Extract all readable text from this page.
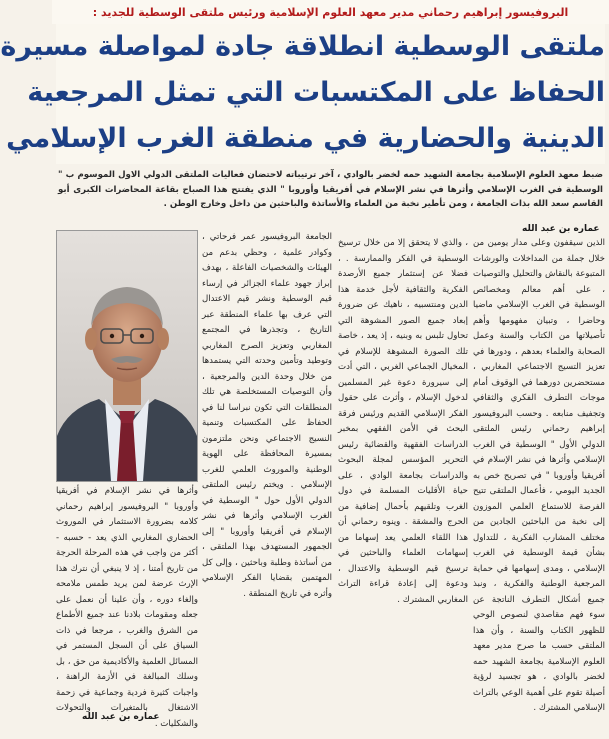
البروفيسور إبراهيم رحماني مدير معهد العلوم الإسلامية ورئيس ملتقى الوسطية للجديد :
ملتقى الوسطية انطلاقة جادة لمواصلة مسيرة
الحفاظ على المكتسبات التي تمثل المرجعية
الدينية والحضارية في منطقة الغرب الإسلامي

ضبط معهد العلوم الإسلامية بجامعة الشهيد حمه لخضر بالوادي ، آخر ترتيباته لاحتضان فعاليات الملتقى الدولي الاول الموسوم ب " الوسطية في الغرب الإسلامي وأثرها في نشر الإسلام في أفريقيا وأوروبا " الذي يفتتح هذا الصباح بقاعة المحاضرات الكبرى أبو القاسم سعد الله بذات الجامعة ، ومن تأطير نخبة من العلماء والأساتذة والباحثين من داخل وخارج الوطن .

عماره بن عبد الله

الذين سيقفون وعلى مدار يومين من خلال جملة من المداخلات والورشات المتبوعة بالنقاش والتحليل والتوصيات ، على أهم معالم ومخصائص الوسطية في الغرب الإسلامي ماضيا وحاضرا ، وتبيان مفهومها وأهم تأصيلاتها من الكتاب والسنة وعمل الصحابة والعلماء بعدهم ، ودورها في تعزيز التسيج الاجتماعي المغاربي ، مستحضرين دورهما في الوقوف أمام موجات التطرف الفكري والثقافي وتجفيف منابعه . وحسب البروفيسور إبراهيم رحماني رئيس الملتقى الدولي الأول " الوسطية في الغرب الإسلامي وأثرها في نشر الإسلام في أفريقيا وأوروبا " في تصريح خص به الجديد اليومي ، فأعمال الملتقى تتيح الفرصة للاستماع العلمي الموزون إلى نخبة من الباحثين الجادين من مختلف المشارب الفكرية ، للتداول بشأن قيمة الوسطية في الغرب الإسلامي ، ومدى إسهامها في حماية المرجعية الوطنية والفكرية ، ونبذ جميع أشكال التطرف الناتجة عن سوء فهم مقاصدي لنصوص الوحي للظهور الكتاب والسنة ، وأن هذا الملتقى حسب ما صرح مدير معهد العلوم الإسلامية بجامعة الشهيد حمه لخضر بالوادي ، هو تجسيد لرؤية أصيلة تقوم على أهمية الوعي بالتراث الإسلامي المشترك .

، والذي لا يتحقق إلا من خلال ترسيخ الوسطية في الفكر والممارسة . ، فضلا عن إستثمار جميع الأرصدة الفكرية والثقافية لأجل خدمة هذا الدين ومنتسبيه ، ناهيك عن ضرورة إبعاد جميع الصور المشوهة التي تحاول تلبس به وبنيه ، إذ يعد ، خاصة تلك الصورة المشوهة للإسلام في المخيال الجماعي الغربي ، التي أدت إلى سيرورة دعوة غير المسلمين لدخول الإسلام ، وأثرت على حقول الفكر الإسلامي القديم ورئيس فرقة البحث في الأمن الفقهي بمخبر الدراسات الفقهية والقضائية رئيس التحرير المؤسس لمجلة البحوث والدراسات بجامعة الوادي ، على حياة الأقليات المسلمة في دول الغرب وتلقيهم بأحمال إضافية من الحرج والمشقة . وينوه رحماني أن هذا اللقاء العلمي يعد إسهاما من إسهامات العلماء والباحثين في ترسيخ قيم الوسطية والاعتدال ، ودعوة إلى إعادة قراءة التراث المغاربي المشترك .

الجامعة البروفيسور عمر فرحاتي ، وكوادر علمية ، وحظي بدعم من الهيئات والشخصيات الفاعلة ، بهدف إبراز جهود علماء الجزائر في إرساء قيم الوسطية ونشر قيم الاعتدال التي عرف بها علماء المنطقة عبر التاريخ ، وتجذرها في المجتمع المغاربي وتعزيز الصرح المغاربي وتوطيد وتأمين وحدته التي يستمدها من خلال وحدة الدين والمرجعية ، وأن التوصيات المستخلصة هي تلك المنطلقات التي تكون نبراسا لنا في الحفاظ على المكتسبات وتنمية النسيج الاجتماعي ونحن ملتزمون بمسيرة المحافظة على الهوية الوطنية والموروث العلمي للغرب الإسلامي . ويختم رئيس الملتقى الدولي الأول حول " الوسطية في الغرب الإسلامي وأثرها في نشر الإسلام في أفريقيا وأوروبا " إلى الجمهور المستهدف بهذا الملتقى ، من أساتذة وطلبة وباحثين ، وإلى كل المهتمين بقضايا الفكر الإسلامي وأثره في تاريخ المنطقة .

وأثرها في نشر الإسلام في أفريقيا وأوروبا " البروفيسور إبراهيم رحماني كلامه بضرورة الاستثمار في الموروث الحضاري المغاربي الذي يعد - حسبه - أكثر من واجب في هذه المرحلة الحرجة من تاريخ أمتنا ، إذ لا ينبغي أن نترك هذا الإرث عرضة لمن يريد طمس ملامحه وإلغاء دوره ، وأن علينا أن نعمل على جعله ومقومات بلادنا عند جميع الأطماع من الشرق والغرب ، مرجعا في ذات السياق على أن السجل المستمر في المسائل العلمية والأكاديمية من حق ، بل وسلك المبالغة في الأزمة الراهنة ، واجبات كثيرة فردية وجماعية في زحمة الاشتغال بالمتغيرات والتحولات والشكليات .

عماره بن عبد الله
